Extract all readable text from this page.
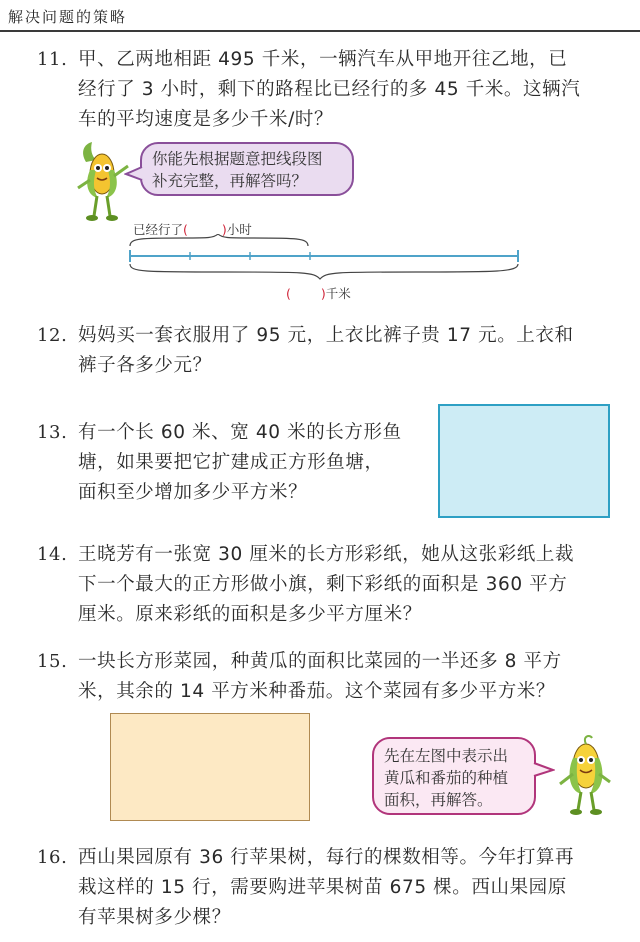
解决问题的策略
11. 甲、乙两地相距 495 千米，一辆汽车从甲地开往乙地，已
经行了 3 小时，剩下的路程比已经行的多 45 千米。这辆汽
车的平均速度是多少千米/时？
你能先根据题意把线段图
补充完整，再解答吗？
已经行了(	)小时
( )千米
12. 妈妈买一套衣服用了 95 元，上衣比裤子贵 17 元。上衣和
裤子各多少元？
13. 有一个长 60 米、宽 40 米的长方形鱼
塘，如果要把它扩建成正方形鱼塘，
面积至少增加多少平方米？
14. 王晓芳有一张宽 30 厘米的长方形彩纸，她从这张彩纸上裁
下一个最大的正方形做小旗，剩下彩纸的面积是 360 平方
厘米。原来彩纸的面积是多少平方厘米？
15. 一块长方形菜园，种黄瓜的面积比菜园的一半还多 8 平方
米，其余的 14 平方米种番茄。这个菜园有多少平方米？
先在左图中表示出
黄瓜和番茄的种植
面积，再解答。
16. 西山果园原有 36 行苹果树，每行的棵数相等。今年打算再
栽这样的 15 行，需要购进苹果树苗 675 棵。西山果园原
有苹果树多少棵？
